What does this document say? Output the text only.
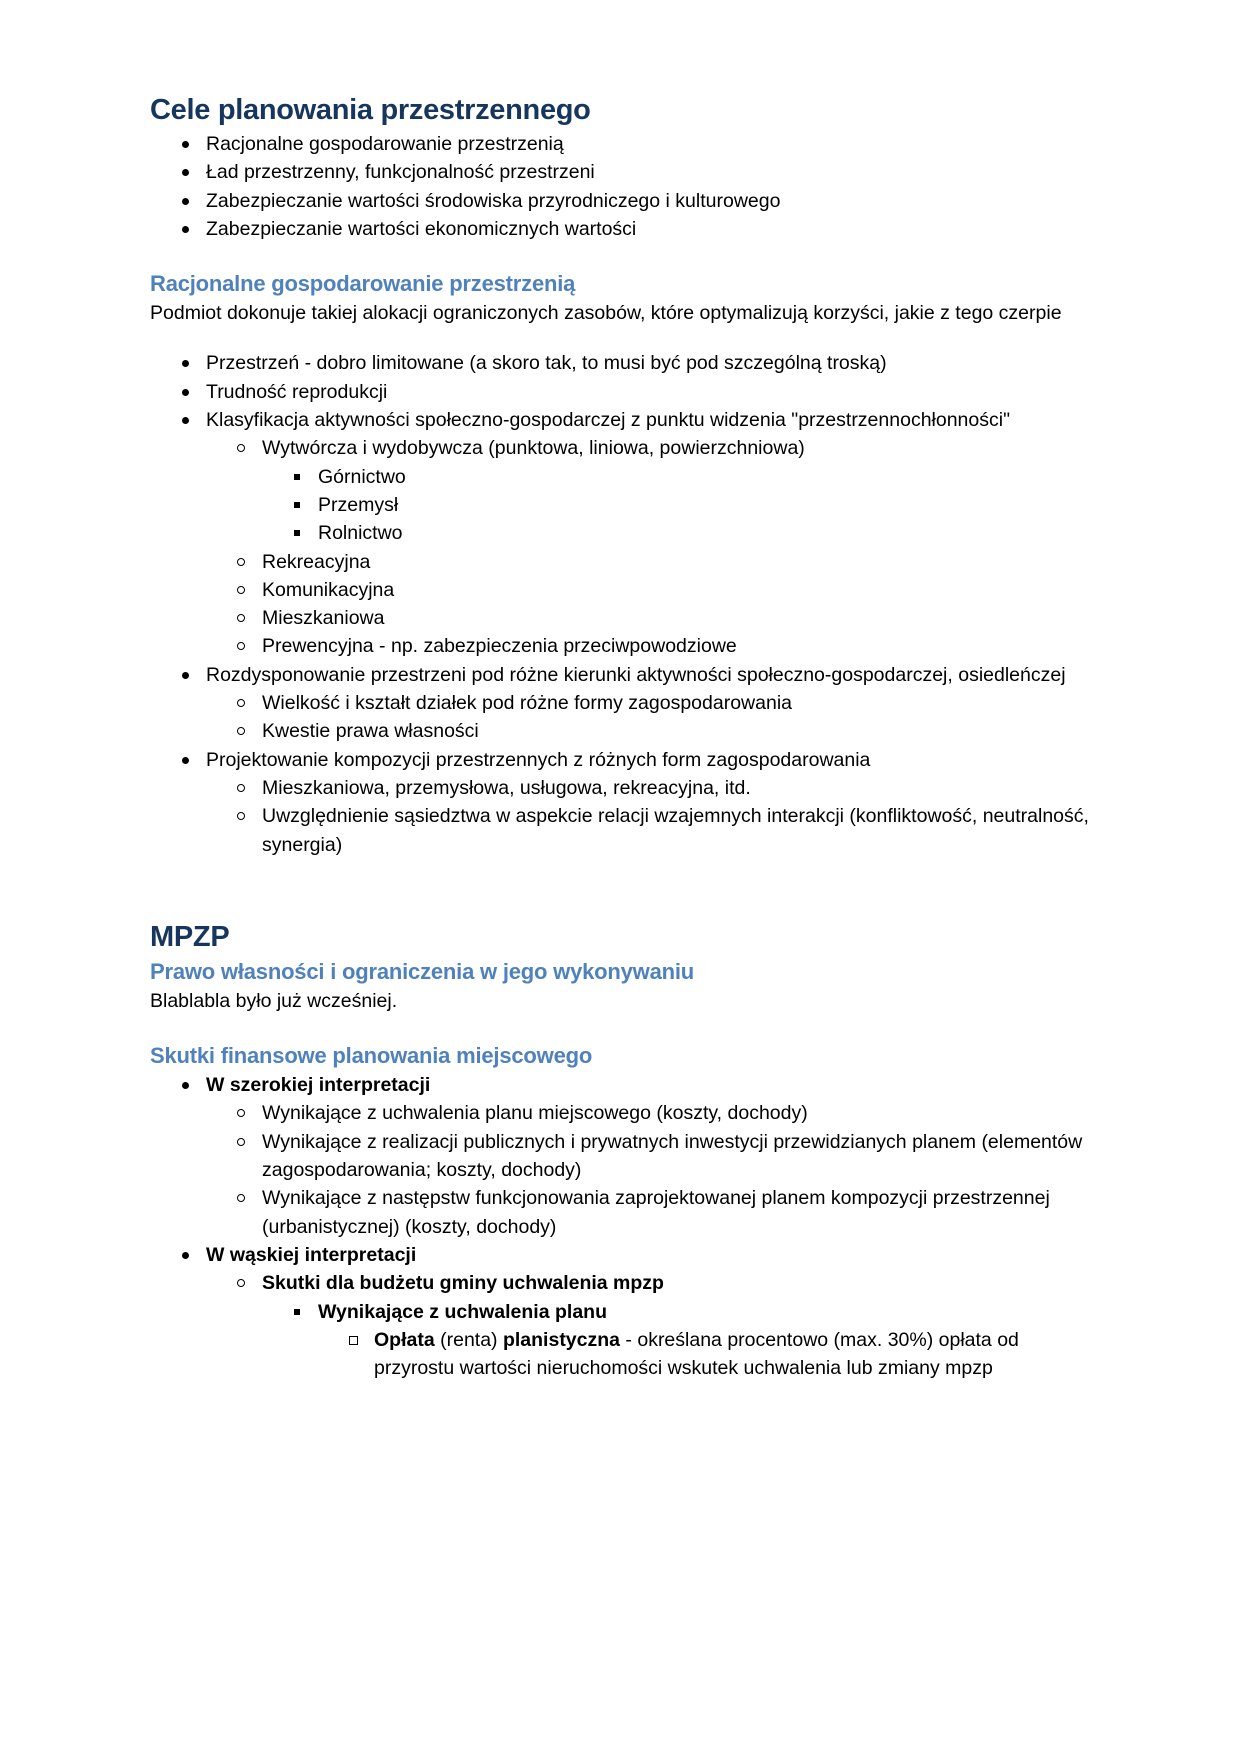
Cele planowania przestrzennego
Racjonalne gospodarowanie przestrzenią
Ład przestrzenny, funkcjonalność przestrzeni
Zabezpieczanie wartości środowiska przyrodniczego i kulturowego
Zabezpieczanie wartości ekonomicznych wartości
Racjonalne gospodarowanie przestrzenią

Podmiot dokonuje takiej alokacji ograniczonych zasobów, które optymalizują korzyści, jakie z tego czerpie

Przestrzeń - dobro limitowane (a skoro tak, to musi być pod szczególną troską)
Trudność reprodukcji
Klasyfikacja aktywności społeczno-gospodarczej z punktu widzenia "przestrzennochłonności"
Wytwórcza i wydobywcza (punktowa, liniowa, powierzchniowa)
Górnictwo
Przemysł
Rolnictwo
Rekreacyjna
Komunikacyjna
Mieszkaniowa
Prewencyjna - np. zabezpieczenia przeciwpowodziowe
Rozdysponowanie przestrzeni pod różne kierunki aktywności społeczno-gospodarczej, osiedleńczej
Wielkość i kształt działek pod różne formy zagospodarowania
Kwestie prawa własności
Projektowanie kompozycji przestrzennych z różnych form zagospodarowania
Mieszkaniowa, przemysłowa, usługowa, rekreacyjna, itd.
Uwzględnienie sąsiedztwa w aspekcie relacji wzajemnych interakcji (konfliktowość, neutralność, synergia)
MPZP
Prawo własności i ograniczenia w jego wykonywaniu

Blablabla było już wcześniej.

Skutki finansowe planowania miejscowego
W szerokiej interpretacji
Wynikające z uchwalenia planu miejscowego (koszty, dochody)
Wynikające z realizacji publicznych i prywatnych inwestycji przewidzianych planem (elementów zagospodarowania; koszty, dochody)
Wynikające z następstw funkcjonowania zaprojektowanej planem kompozycji przestrzennej (urbanistycznej) (koszty, dochody)
W wąskiej interpretacji
Skutki dla budżetu gminy uchwalenia mpzp
Wynikające z uchwalenia planu
Opłata (renta) planistyczna - określana procentowo (max. 30%) opłata od przyrostu wartości nieruchomości wskutek uchwalenia lub zmiany mpzp
